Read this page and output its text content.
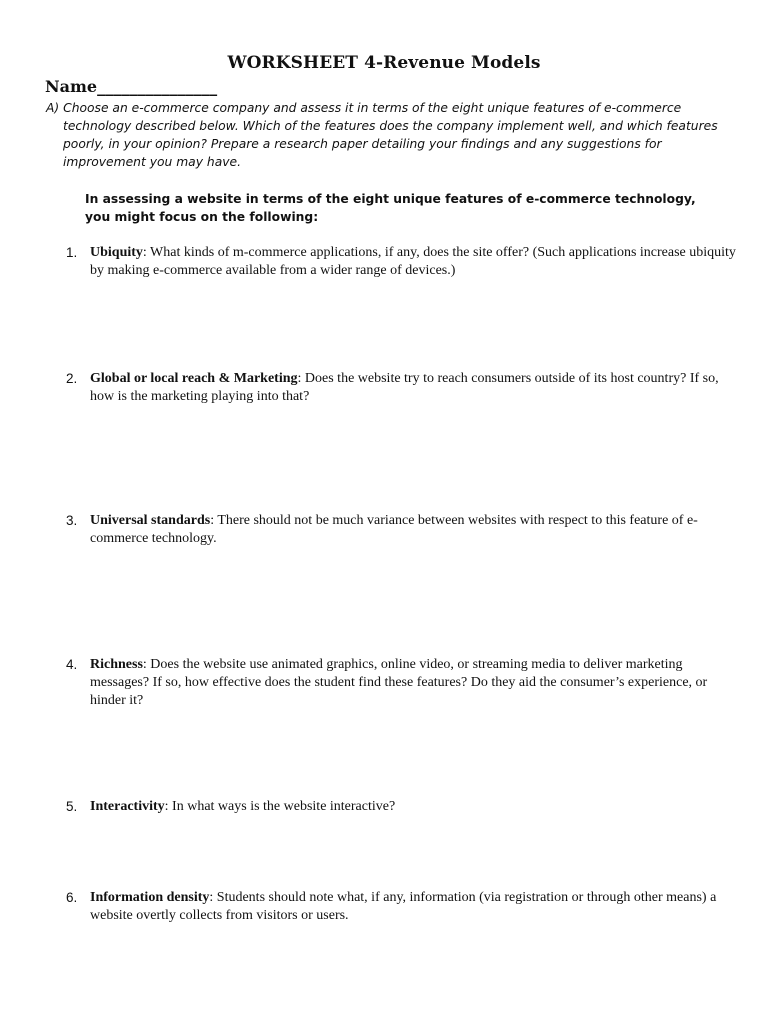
WORKSHEET 4-Revenue Models
Name_______________
A) Choose an e-commerce company and assess it in terms of the eight unique features of e-commerce technology described below. Which of the features does the company implement well, and which features poorly, in your opinion? Prepare a research paper detailing your findings and any suggestions for improvement you may have.
In assessing a website in terms of the eight unique features of e-commerce technology, you might focus on the following:
1. Ubiquity: What kinds of m-commerce applications, if any, does the site offer? (Such applications increase ubiquity by making e-commerce available from a wider range of devices.)
2. Global or local reach & Marketing: Does the website try to reach consumers outside of its host country? If so, how is the marketing playing into that?
3. Universal standards: There should not be much variance between websites with respect to this feature of e-commerce technology.
4. Richness: Does the website use animated graphics, online video, or streaming media to deliver marketing messages? If so, how effective does the student find these features? Do they aid the consumer’s experience, or hinder it?
5. Interactivity: In what ways is the website interactive?
6. Information density: Students should note what, if any, information (via registration or through other means) a website overtly collects from visitors or users.
